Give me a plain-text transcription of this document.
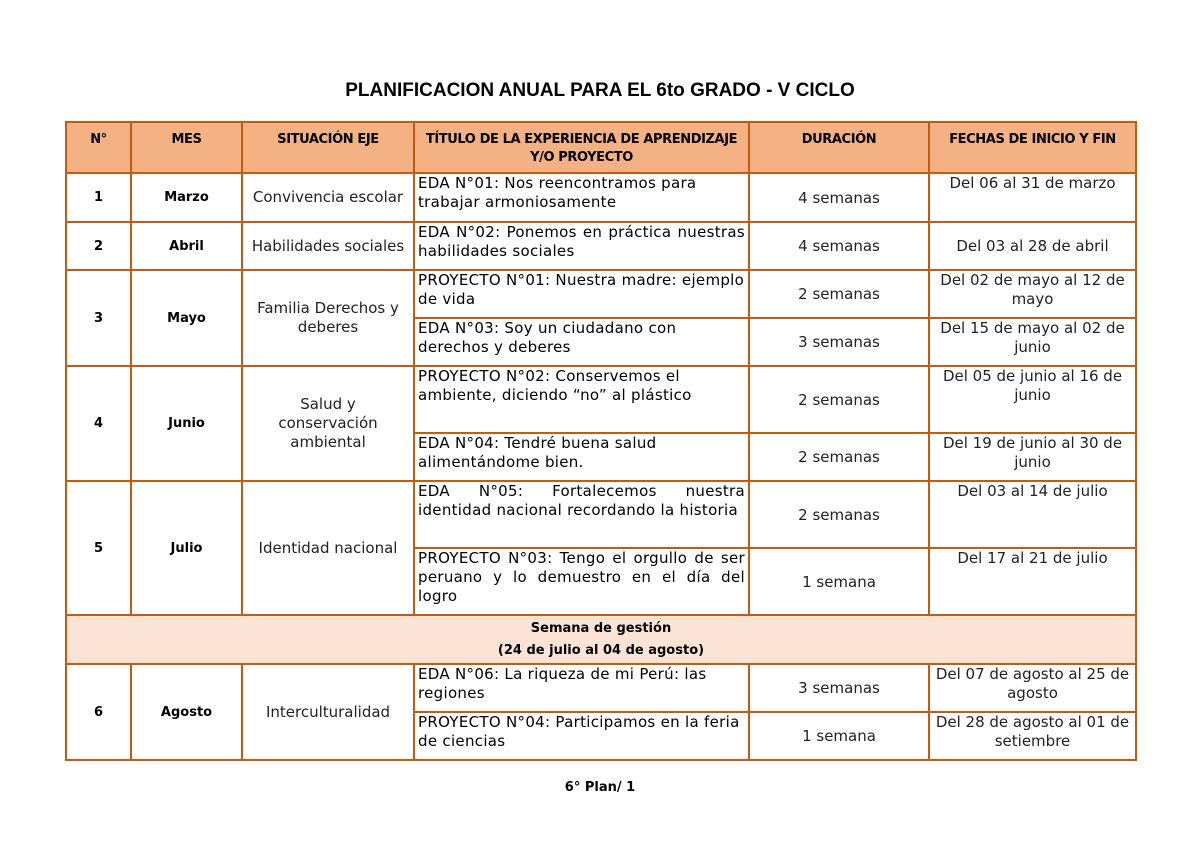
PLANIFICACION ANUAL PARA EL 6to GRADO - V CICLO
N°	MES	SITUACIÓN EJE	TÍTULO DE LA EXPERIENCIA DE APRENDIZAJE Y/O PROYECTO	DURACIÓN	FECHAS DE INICIO Y FIN
1	Marzo	Convivencia escolar	EDA N°01: Nos reencontramos para trabajar armoniosamente	4 semanas	Del 06 al 31 de marzo
2	Abril	Habilidades sociales	EDA N°02: Ponemos en práctica nuestras habilidades sociales	4 semanas	Del 03 al 28 de abril
3	Mayo	Familia Derechos y deberes	PROYECTO N°01: Nuestra madre: ejemplo de vida	2 semanas	Del 02 de mayo al 12 de mayo
			EDA N°03: Soy un ciudadano con derechos y deberes	3 semanas	Del 15 de mayo al 02 de junio
4	Junio	Salud y conservación ambiental	PROYECTO N°02: Conservemos el ambiente, diciendo “no” al plástico	2 semanas	Del 05 de junio al 16 de junio
			EDA N°04: Tendré buena salud alimentándome bien.	2 semanas	Del 19 de junio al 30 de junio
5	Julio	Identidad nacional	EDA N°05: Fortalecemos nuestra identidad nacional recordando la historia	2 semanas	Del 03 al 14 de julio
			PROYECTO N°03: Tengo el orgullo de ser peruano y lo demuestro en el día del logro	1 semana	Del 17 al 21 de julio

Semana de gestión
(24 de julio al 04 de agosto)					

6	Agosto	Interculturalidad	EDA N°06: La riqueza de mi Perú: las regiones	3 semanas	Del 07 de agosto al 25 de agosto
			PROYECTO N°04: Participamos en la feria de ciencias	1 semana	Del 28 de agosto al 01 de setiembre
6° Plan/ 1
